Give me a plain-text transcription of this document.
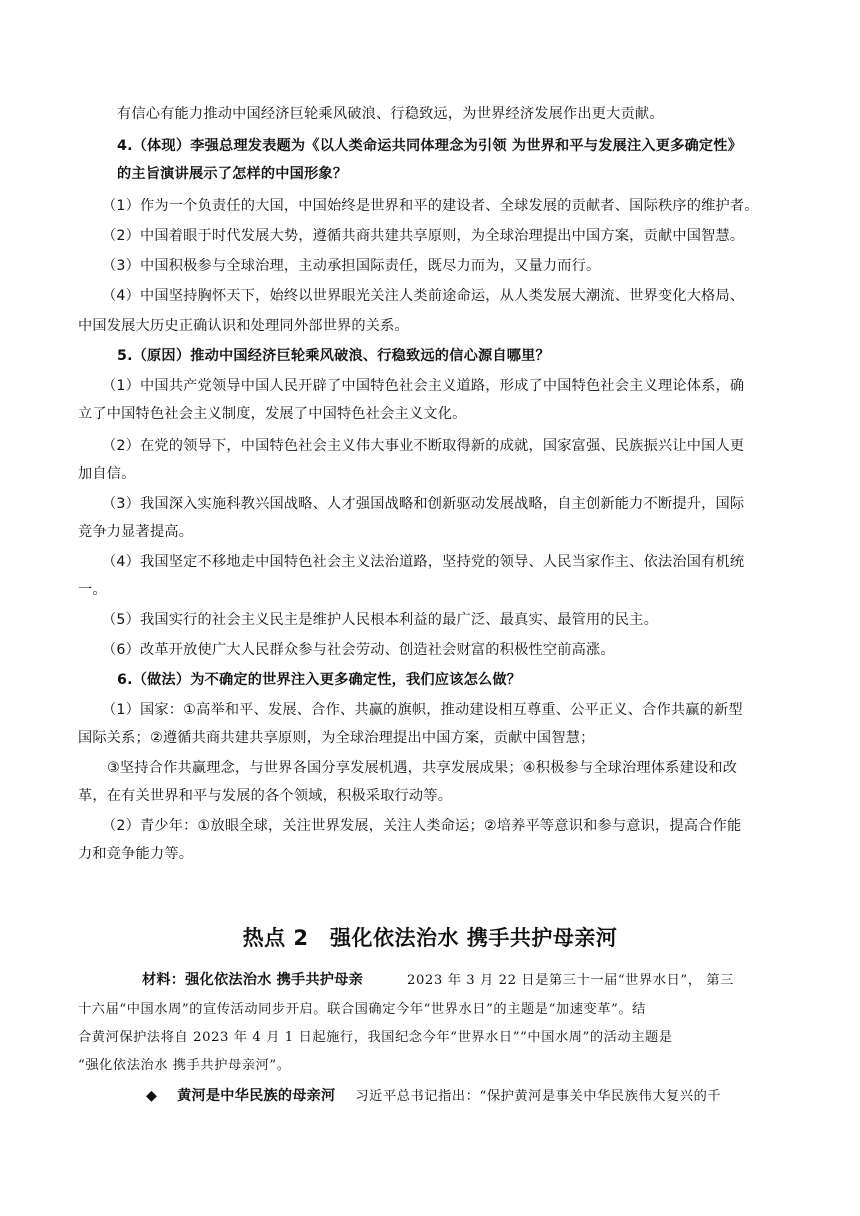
有信心有能力推动中国经济巨轮乘风破浪、行稳致远，为世界经济发展作出更大贡献。
4.（体现）李强总理发表题为《以人类命运共同体理念为引领 为世界和平与发展注入更多确定性》
的主旨演讲展示了怎样的中国形象？
（1）作为一个负责任的大国，中国始终是世界和平的建设者、全球发展的贡献者、国际秩序的维护者。
（2）中国着眼于时代发展大势，遵循共商共建共享原则，为全球治理提出中国方案，贡献中国智慧。
（3）中国积极参与全球治理，主动承担国际责任，既尽力而为，又量力而行。
（4）中国坚持胸怀天下，始终以世界眼光关注人类前途命运，从人类发展大潮流、世界变化大格局、
中国发展大历史正确认识和处理同外部世界的关系。
5.（原因）推动中国经济巨轮乘风破浪、行稳致远的信心源自哪里？
（1）中国共产党领导中国人民开辟了中国特色社会主义道路，形成了中国特色社会主义理论体系，确
立了中国特色社会主义制度，发展了中国特色社会主义文化。
（2）在党的领导下，中国特色社会主义伟大事业不断取得新的成就，国家富强、民族振兴让中国人更
加自信。
（3）我国深入实施科教兴国战略、人才强国战略和创新驱动发展战略，自主创新能力不断提升，国际
竞争力显著提高。
（4）我国坚定不移地走中国特色社会主义法治道路，坚持党的领导、人民当家作主、依法治国有机统
一。
（5）我国实行的社会主义民主是维护人民根本利益的最广泛、最真实、最管用的民主。
（6）改革开放使广大人民群众参与社会劳动、创造社会财富的积极性空前高涨。
6.（做法）为不确定的世界注入更多确定性，我们应该怎么做？
（1）国家：①高举和平、发展、合作、共赢的旗帜，推动建设相互尊重、公平正义、合作共赢的新型
国际关系；②遵循共商共建共享原则，为全球治理提出中国方案，贡献中国智慧；
③坚持合作共赢理念，与世界各国分享发展机遇，共享发展成果；④积极参与全球治理体系建设和改
革，在有关世界和平与发展的各个领域，积极采取行动等。
（2）青少年：①放眼全球，关注世界发展，关注人类命运；②培养平等意识和参与意识，提高合作能
力和竞争能力等。
热点 2　强化依法治水 携手共护母亲河
材料：强化依法治水 携手共护母亲	2023 年 3 月 22 日是第三十一届“世界水日”， 第三
十六届“中国水周”的宣传活动同步开启。联合国确定今年“世界水日”的主题是“加速变革”。结
合黄河保护法将自 2023 年 4 月 1 日起施行，我国纪念今年“世界水日”“中国水周”的活动主题是
“强化依法治水 携手共护母亲河”。
◆ 黄河是中华民族的母亲河 习近平总书记指出：“保护黄河是事关中华民族伟大复兴的千
